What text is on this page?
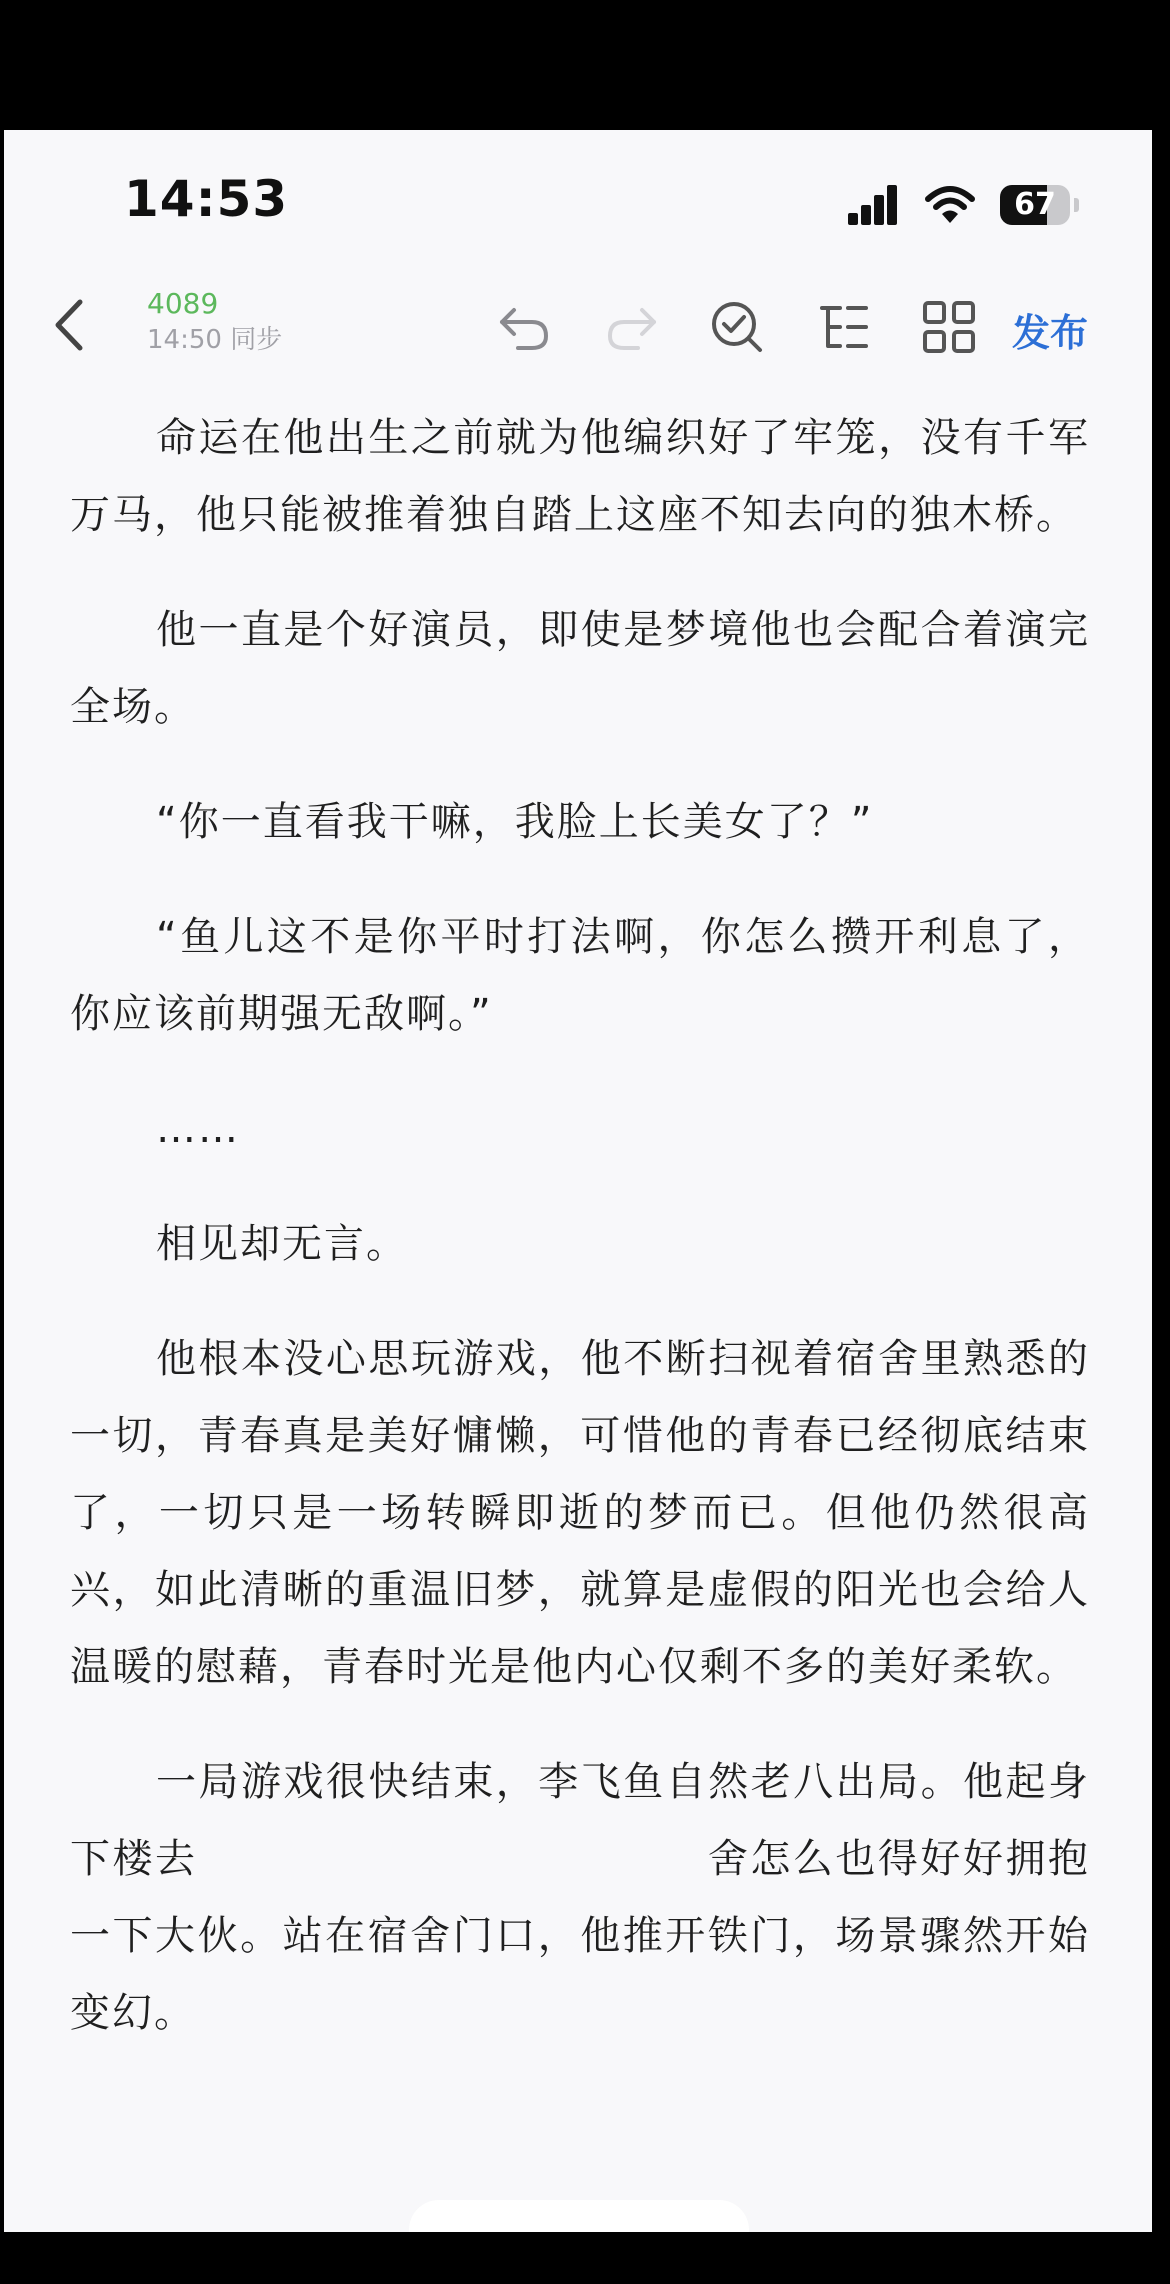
14:53	67
4089
14:50 同步	发布

命运在他出生之前就为他编织好了牢笼，没有千军万马，他只能被推着独自踏上这座不知去向的独木桥。

他一直是个好演员，即使是梦境他也会配合着演完全场。

“你一直看我干嘛，我脸上长美女了？”

“鱼儿这不是你平时打法啊，你怎么攒开利息了，你应该前期强无敌啊。”

……

相见却无言。

他根本没心思玩游戏，他不断扫视着宿舍里熟悉的一切，青春真是美好慵懒，可惜他的青春已经彻底结束了，一切只是一场转瞬即逝的梦而已。但他仍然很高兴，如此清晰的重温旧梦，就算是虚假的阳光也会给人温暖的慰藉，青春时光是他内心仅剩不多的美好柔软。

一局游戏很快结束，李飞鱼自然老八出局。他起身下楼去　　　　　　　　　　　　舍怎么也得好好拥抱一下大伙。站在宿舍门口，他推开铁门，场景骤然开始变幻。
